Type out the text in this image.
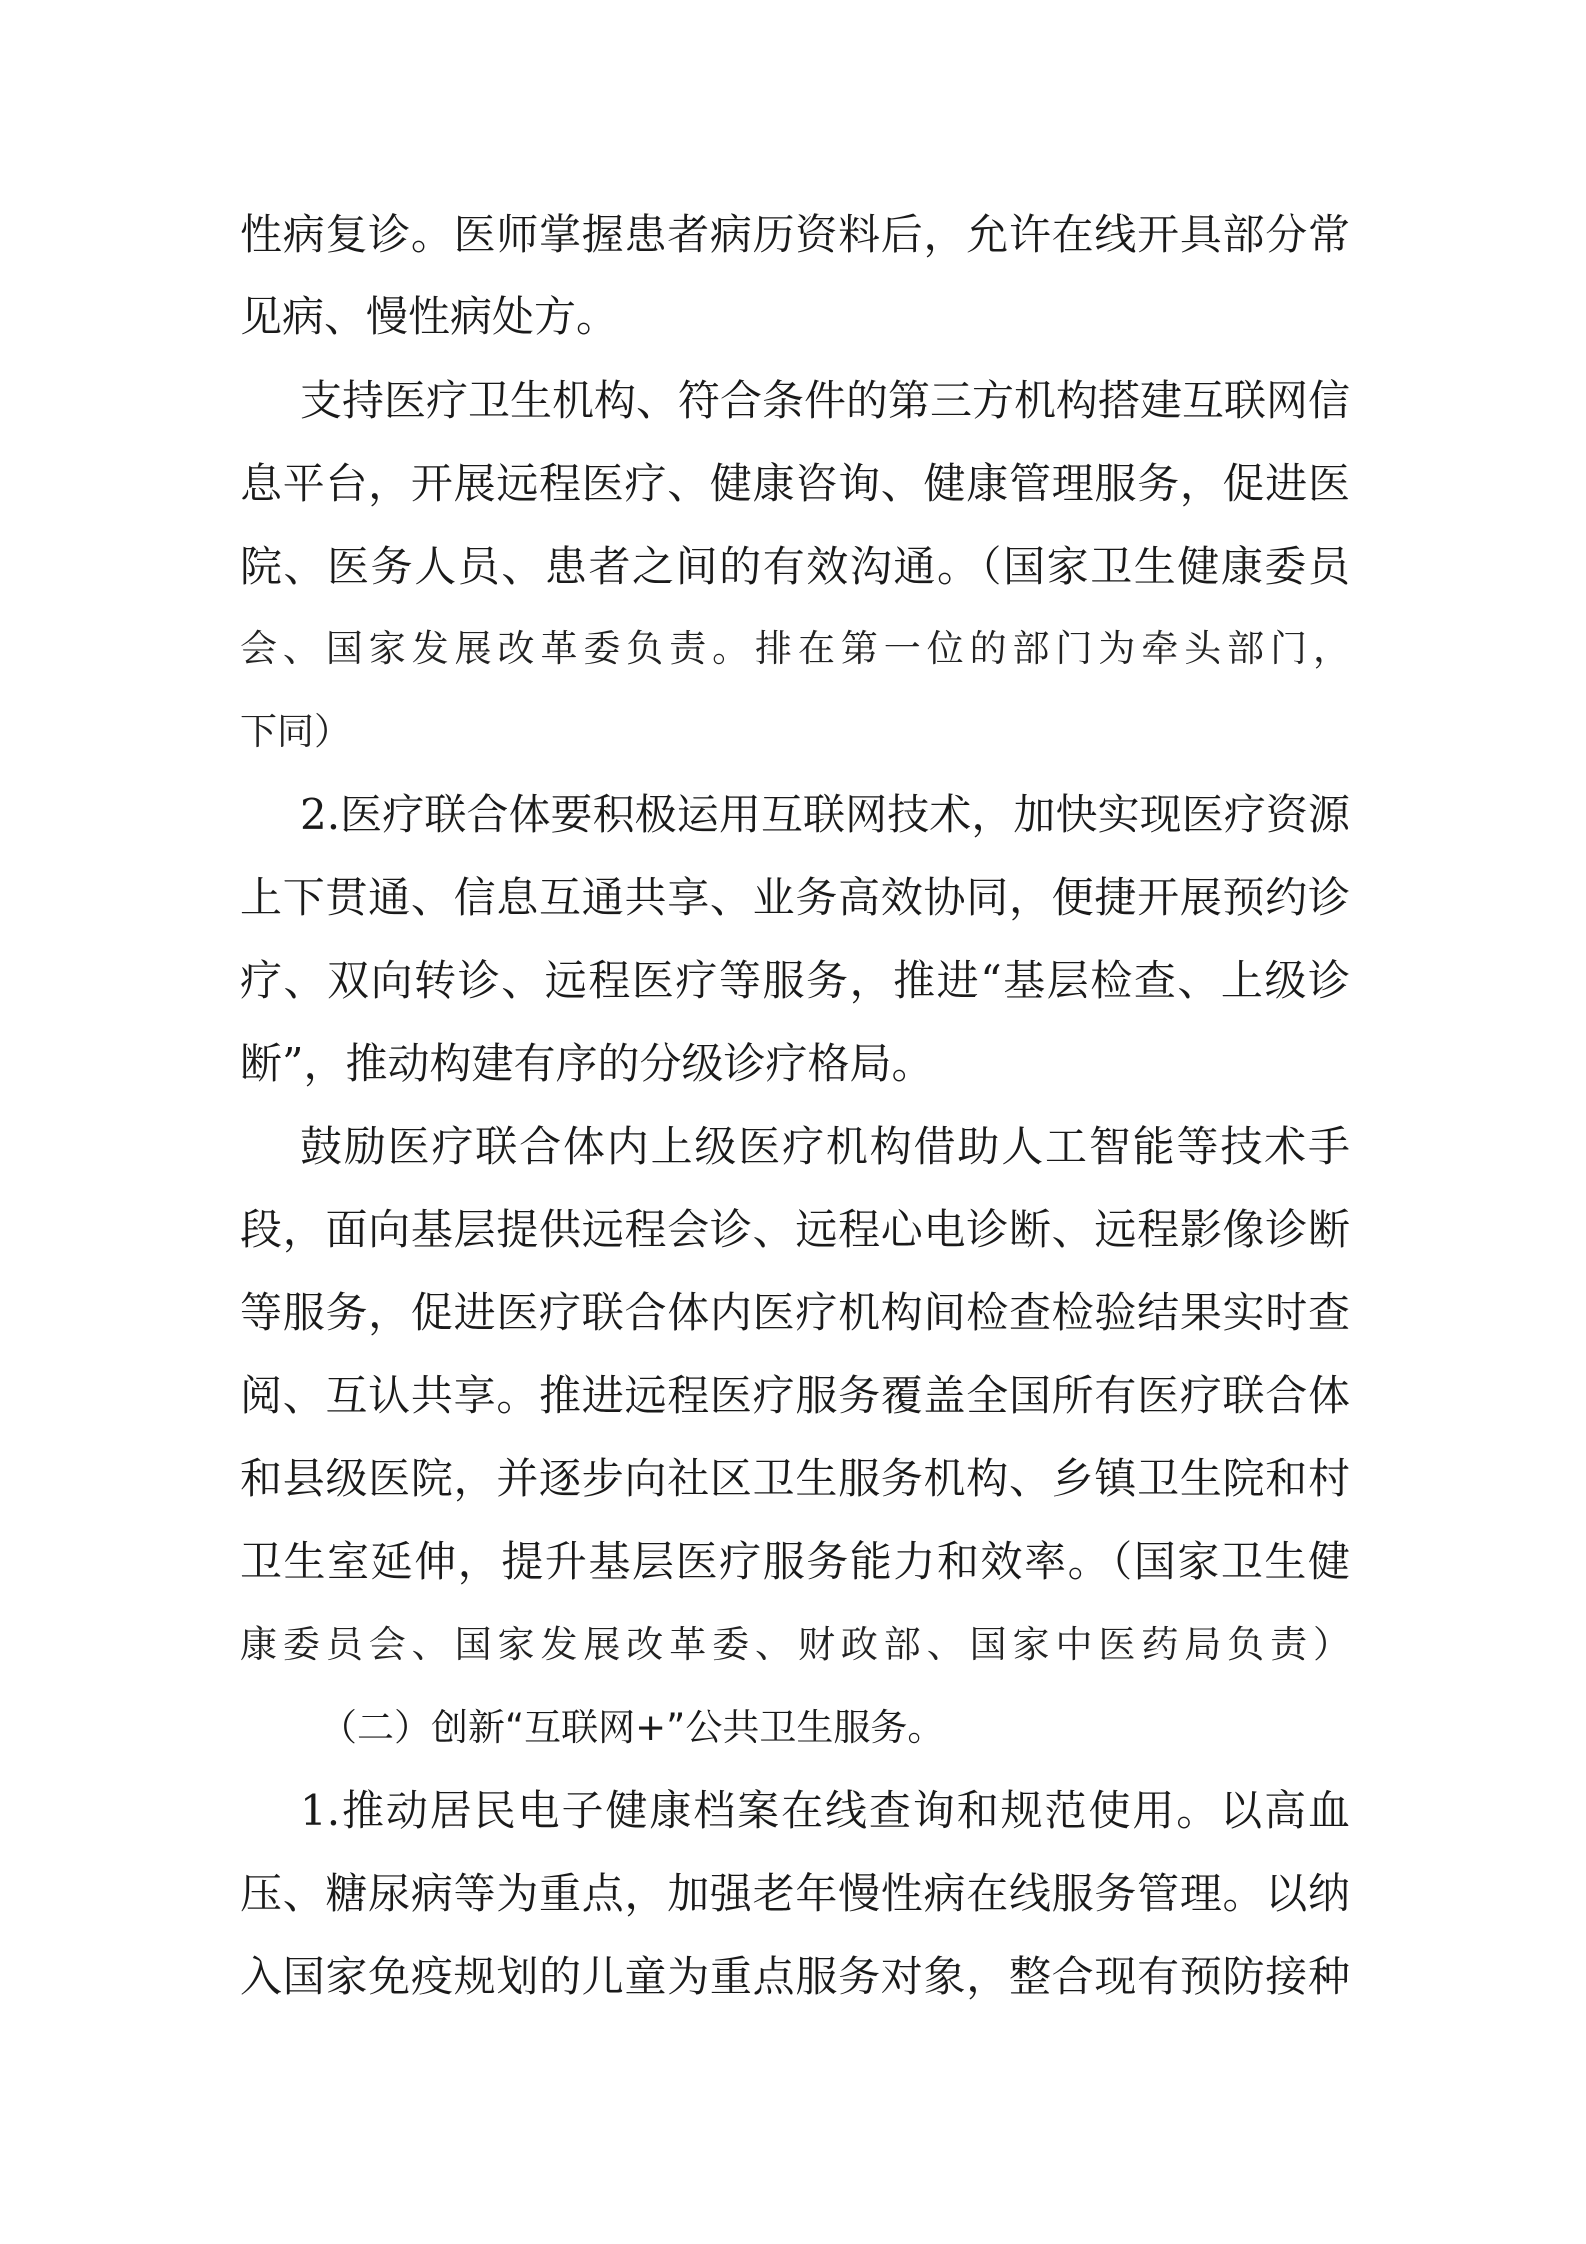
性病复诊。医师掌握患者病历资料后，允许在线开具部分常
见病、慢性病处方。
支持医疗卫生机构、符合条件的第三方机构搭建互联网信
息平台，开展远程医疗、健康咨询、健康管理服务，促进医
院、医务人员、患者之间的有效沟通。（国家卫生健康委员
会、国家发展改革委负责。排在第一位的部门为牵头部门，
下同）
2.医疗联合体要积极运用互联网技术，加快实现医疗资源
上下贯通、信息互通共享、业务高效协同，便捷开展预约诊
疗、双向转诊、远程医疗等服务，推进“基层检查、上级诊
断”，推动构建有序的分级诊疗格局。
鼓励医疗联合体内上级医疗机构借助人工智能等技术手
段，面向基层提供远程会诊、远程心电诊断、远程影像诊断
等服务，促进医疗联合体内医疗机构间检查检验结果实时查
阅、互认共享。推进远程医疗服务覆盖全国所有医疗联合体
和县级医院，并逐步向社区卫生服务机构、乡镇卫生院和村
卫生室延伸，提升基层医疗服务能力和效率。（国家卫生健
康委员会、国家发展改革委、财政部、国家中医药局负责）
（二）创新“互联网+”公共卫生服务。
1.推动居民电子健康档案在线查询和规范使用。以高血
压、糖尿病等为重点，加强老年慢性病在线服务管理。以纳
入国家免疫规划的儿童为重点服务对象，整合现有预防接种
